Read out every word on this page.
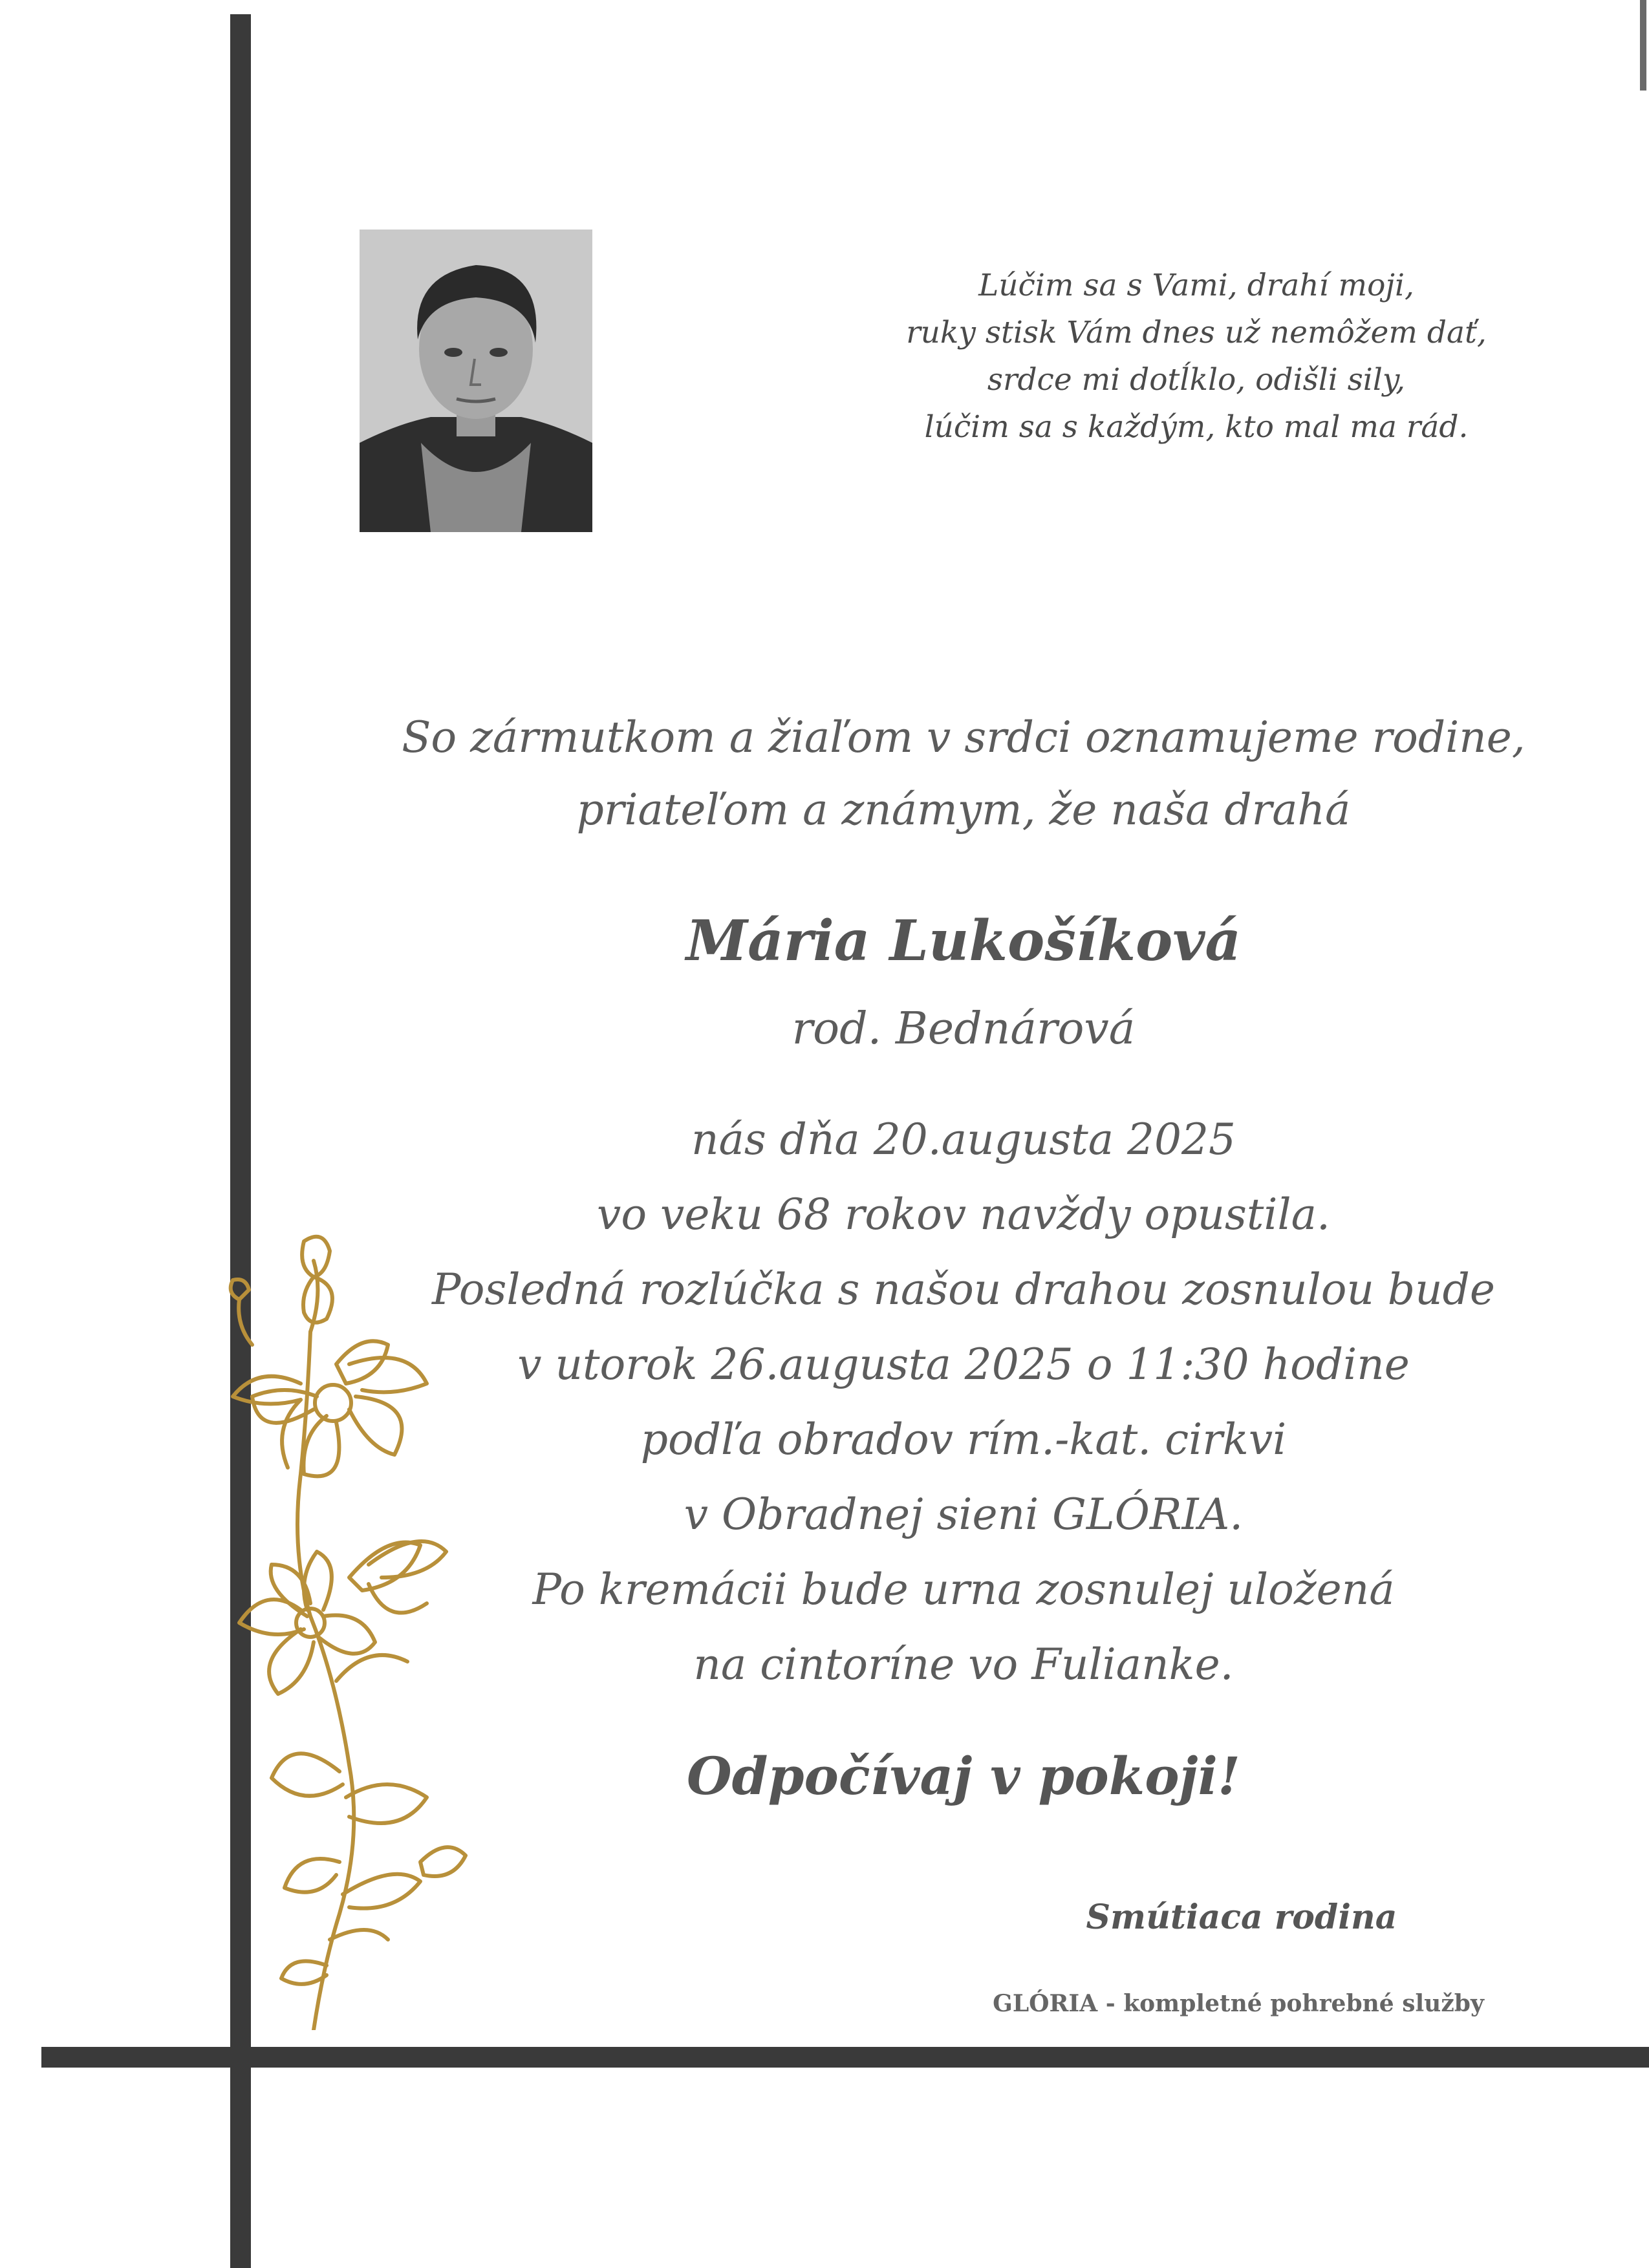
Lúčim sa s Vami, drahí moji,
ruky stisk Vám dnes už nemôžem dať,
srdce mi dotĺklo, odišli sily,
lúčim sa s každým, kto mal ma rád.
So zármutkom a žiaľom v srdci oznamujeme rodine,
priateľom a známym, že naša drahá
Mária Lukošíková
rod. Bednárová
nás dňa 20.augusta 2025
vo veku 68 rokov navždy opustila.
Posledná rozlúčka s našou drahou zosnulou bude
v utorok 26.augusta 2025 o 11:30 hodine
podľa obradov rím.-kat. cirkvi
v Obradnej sieni GLÓRIA.
Po kremácii bude urna zosnulej uložená
na cintoríne vo Fulianke.
Odpočívaj v pokoji!
Smútiaca rodina
GLÓRIA - kompletné pohrebné služby
